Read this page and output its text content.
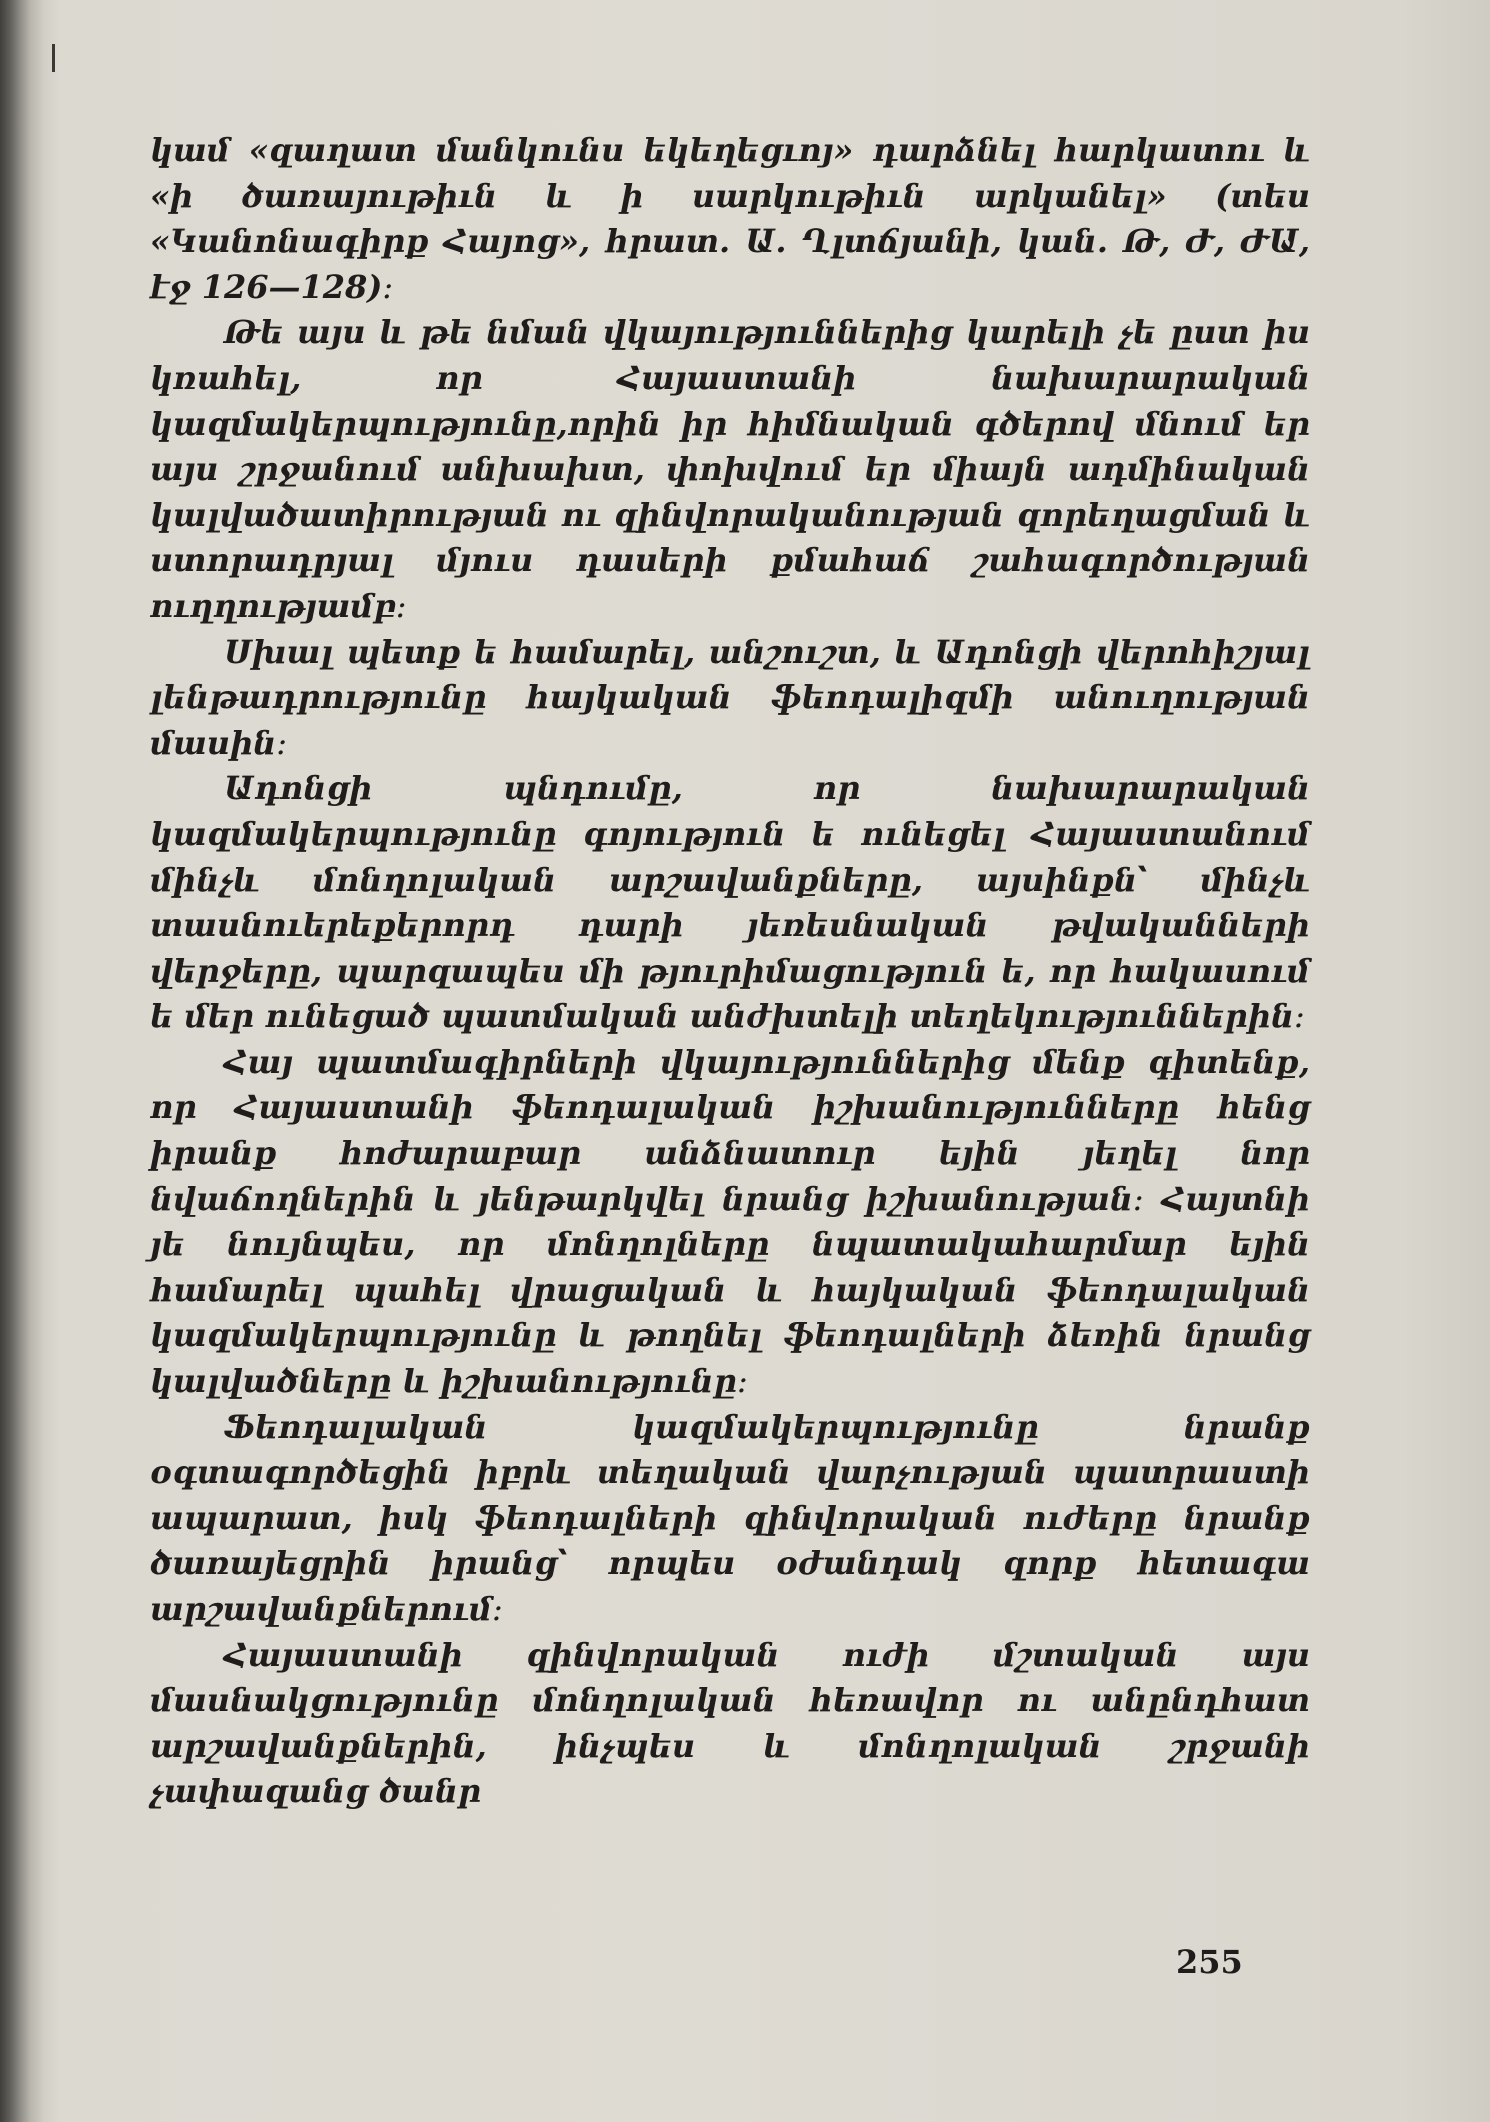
կամ «զաղատ մանկունս եկեղեցւոյ» դարձնել հարկատու և «ի ծառայութիւն և ի սարկութիւն արկանել» (տես «Կանոնագիրք Հայոց», հրատ. Ա. Ղլտճյանի, կան. Թ, Ժ, ԺԱ, էջ 126—128)։

Թե այս և թե նման վկայություններից կարելի չե ըստ իս կռահել, որ Հայաստանի նախարարական կազմակերպությունը,որին իր հիմնական գծերով մնում եր այս շրջանում անխախտ, փոխվում եր միայն ադմինական կալվածատիրության ու զինվորականության զորեղացման և ստորադրյալ մյուս դասերի քմահաճ շահագործության ուղղությամբ։

Սխալ պետք ե համարել, անշուշտ, և Ադոնցի վերոհիշյալ լենթադրությունը հայկական ֆեոդալիզմի անուղության մասին։

Ադոնցի պնդումը, որ նախարարական կազմակերպությունը գոյություն ե ունեցել Հայաստանում մինչև մոնղոլական արշավանքները, այսինքն՝ մինչև տասնուերեքերորդ դարի յեռեսնական թվականների վերջերը, պարզապես մի թյուրիմացություն ե, որ հակասում ե մեր ունեցած պատմական անժխտելի տեղեկություններին։

Հայ պատմագիրների վկայություններից մենք գիտենք, որ Հայաստանի ֆեոդալական իշխանությունները հենց իրանք հոժարաբար անձնատուր եյին յեղել նոր նվաճողներին և յենթարկվել նրանց իշխանության։ Հայտնի յե նույնպես, որ մոնղոլները նպատակահարմար եյին համարել պահել վրացական և հայկական ֆեոդալական կազմակերպությունը և թողնել ֆեոդալների ձեռին նրանց կալվածները և իշխանությունը։

Ֆեոդալական կազմակերպությունը նրանք օգտագործեցին իբրև տեղական վարչության պատրաստի ապարատ, իսկ ֆեոդալների զինվորական ուժերը նրանք ծառայեցրին իրանց՝ որպես օժանդակ զորք հետագա արշավանքներում։

Հայաստանի զինվորական ուժի մշտական այս մասնակցությունը մոնղոլական հեռավոր ու անընդհատ արշավանքներին, ինչպես և մոնղոլական շրջանի չափազանց ծանր

255
